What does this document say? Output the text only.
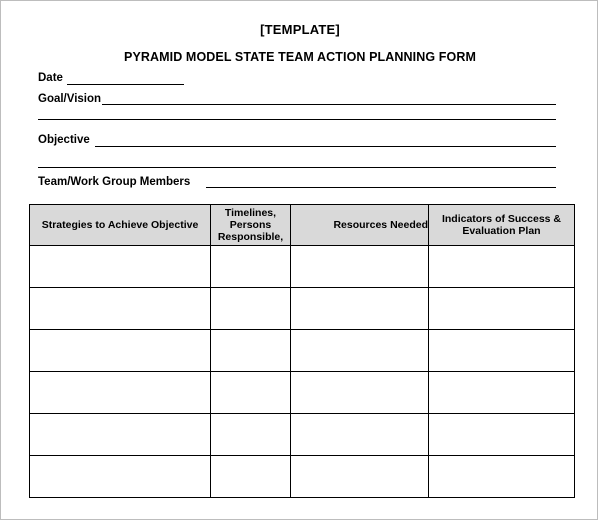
[TEMPLATE]
PYRAMID MODEL STATE TEAM ACTION PLANNING FORM
Date
Goal/Vision
Objective
Team/Work Group Members
Strategies to Achieve Objective	Timelines, Persons Responsible,	Resources Needed	Indicators of Success & Evaluation Plan
